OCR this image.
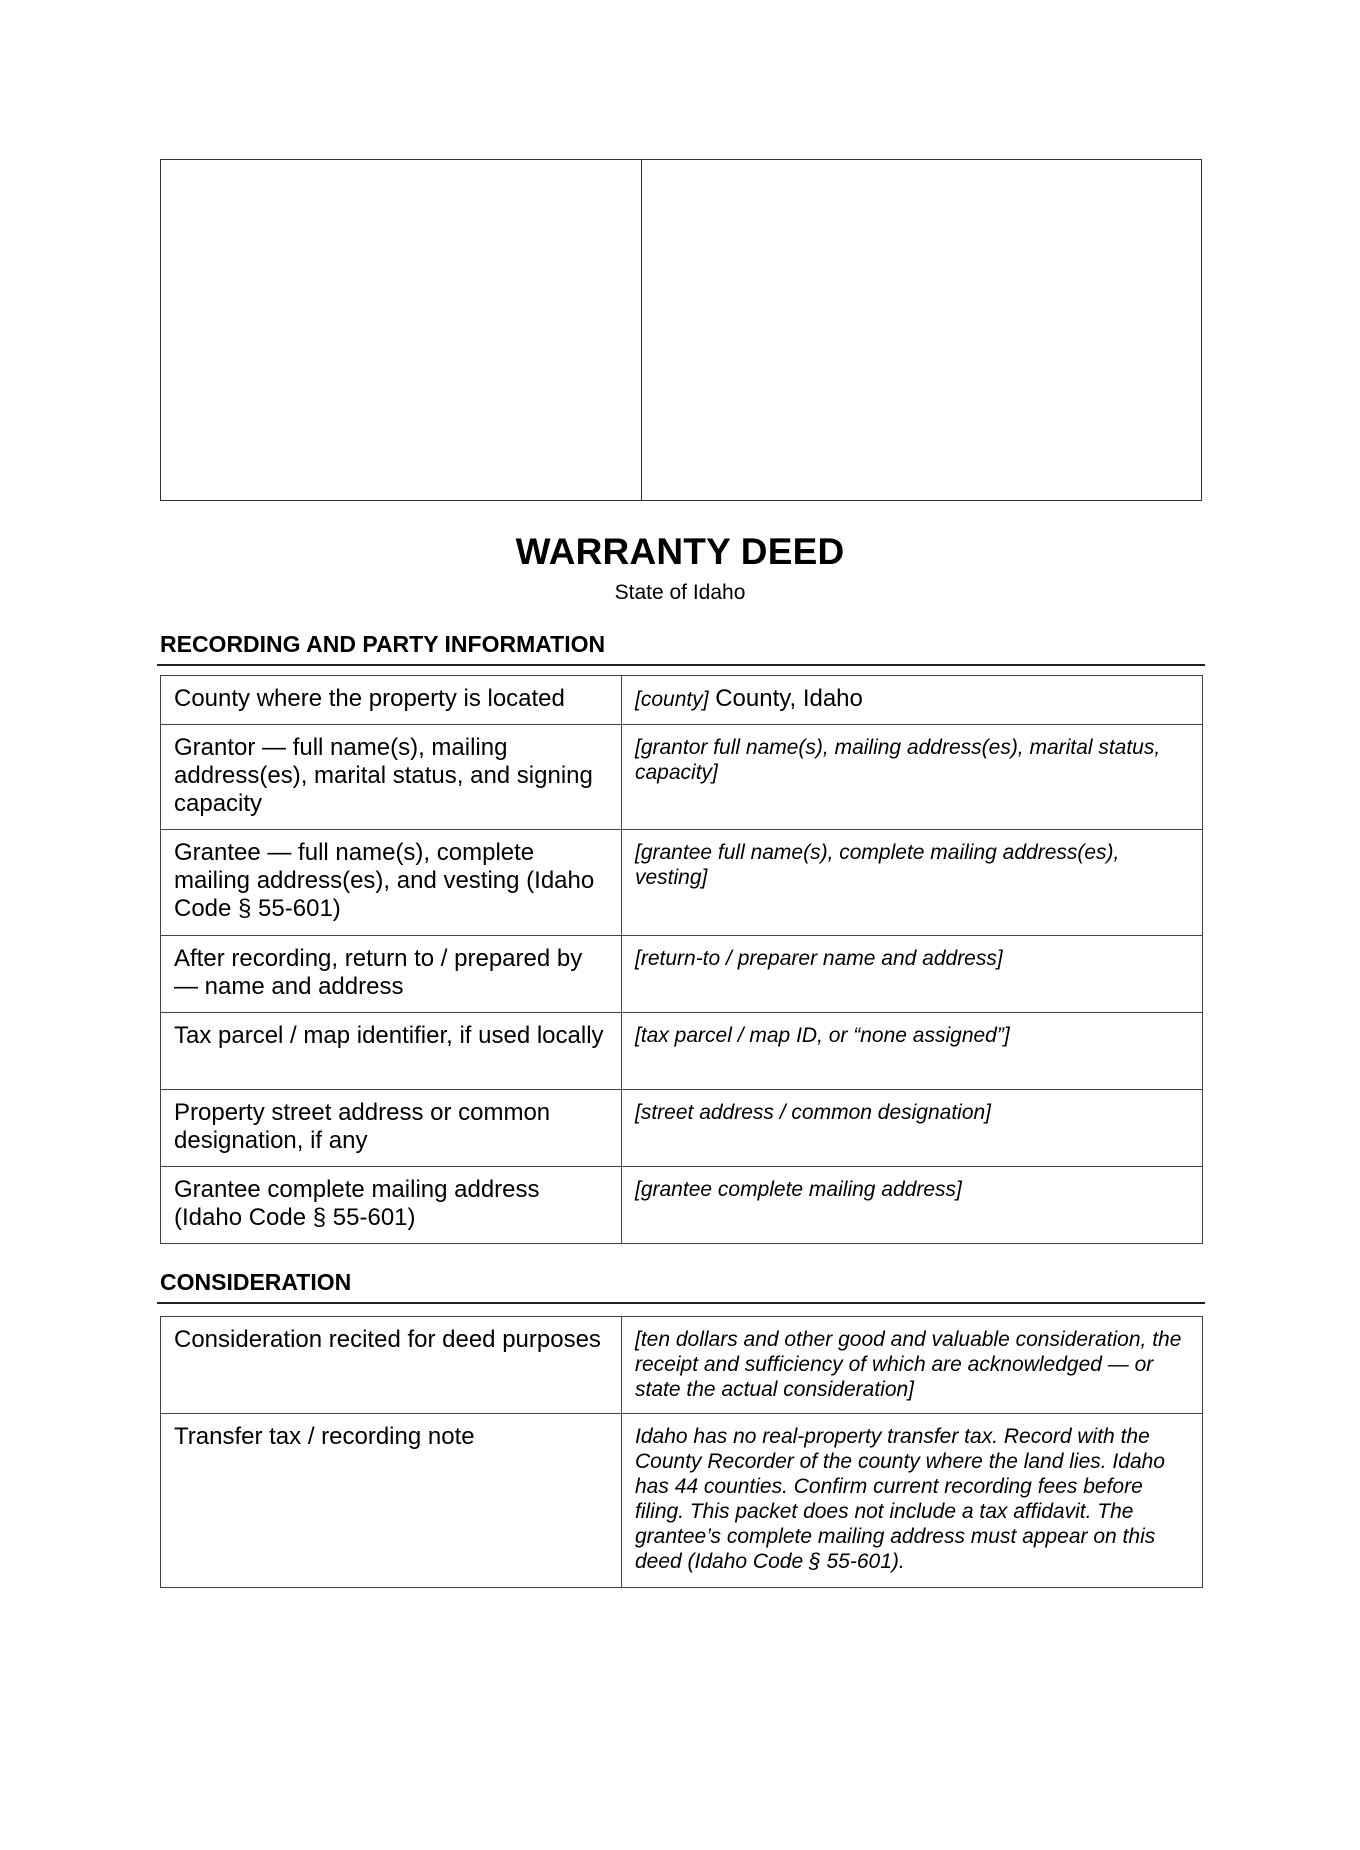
WARRANTY DEED
State of Idaho
RECORDING AND PARTY INFORMATION
County where the property is located	[county] County, Idaho
Grantor — full name(s), mailing address(es), marital status, and signing capacity	[grantor full name(s), mailing address(es), marital status, capacity]
Grantee — full name(s), complete mailing address(es), and vesting (Idaho Code § 55-601)	[grantee full name(s), complete mailing address(es), vesting]
After recording, return to / prepared by — name and address	[return-to / preparer name and address]
Tax parcel / map identifier, if used locally	[tax parcel / map ID, or “none assigned”]
Property street address or common designation, if any	[street address / common designation]
Grantee complete mailing address (Idaho Code § 55-601)	[grantee complete mailing address]
CONSIDERATION
Consideration recited for deed purposes	[ten dollars and other good and valuable consideration, the receipt and sufficiency of which are acknowledged — or state the actual consideration]
Transfer tax / recording note	Idaho has no real-property transfer tax. Record with the County Recorder of the county where the land lies. Idaho has 44 counties. Confirm current recording fees before filing. This packet does not include a tax affidavit. The grantee’s complete mailing address must appear on this deed (Idaho Code § 55-601).
